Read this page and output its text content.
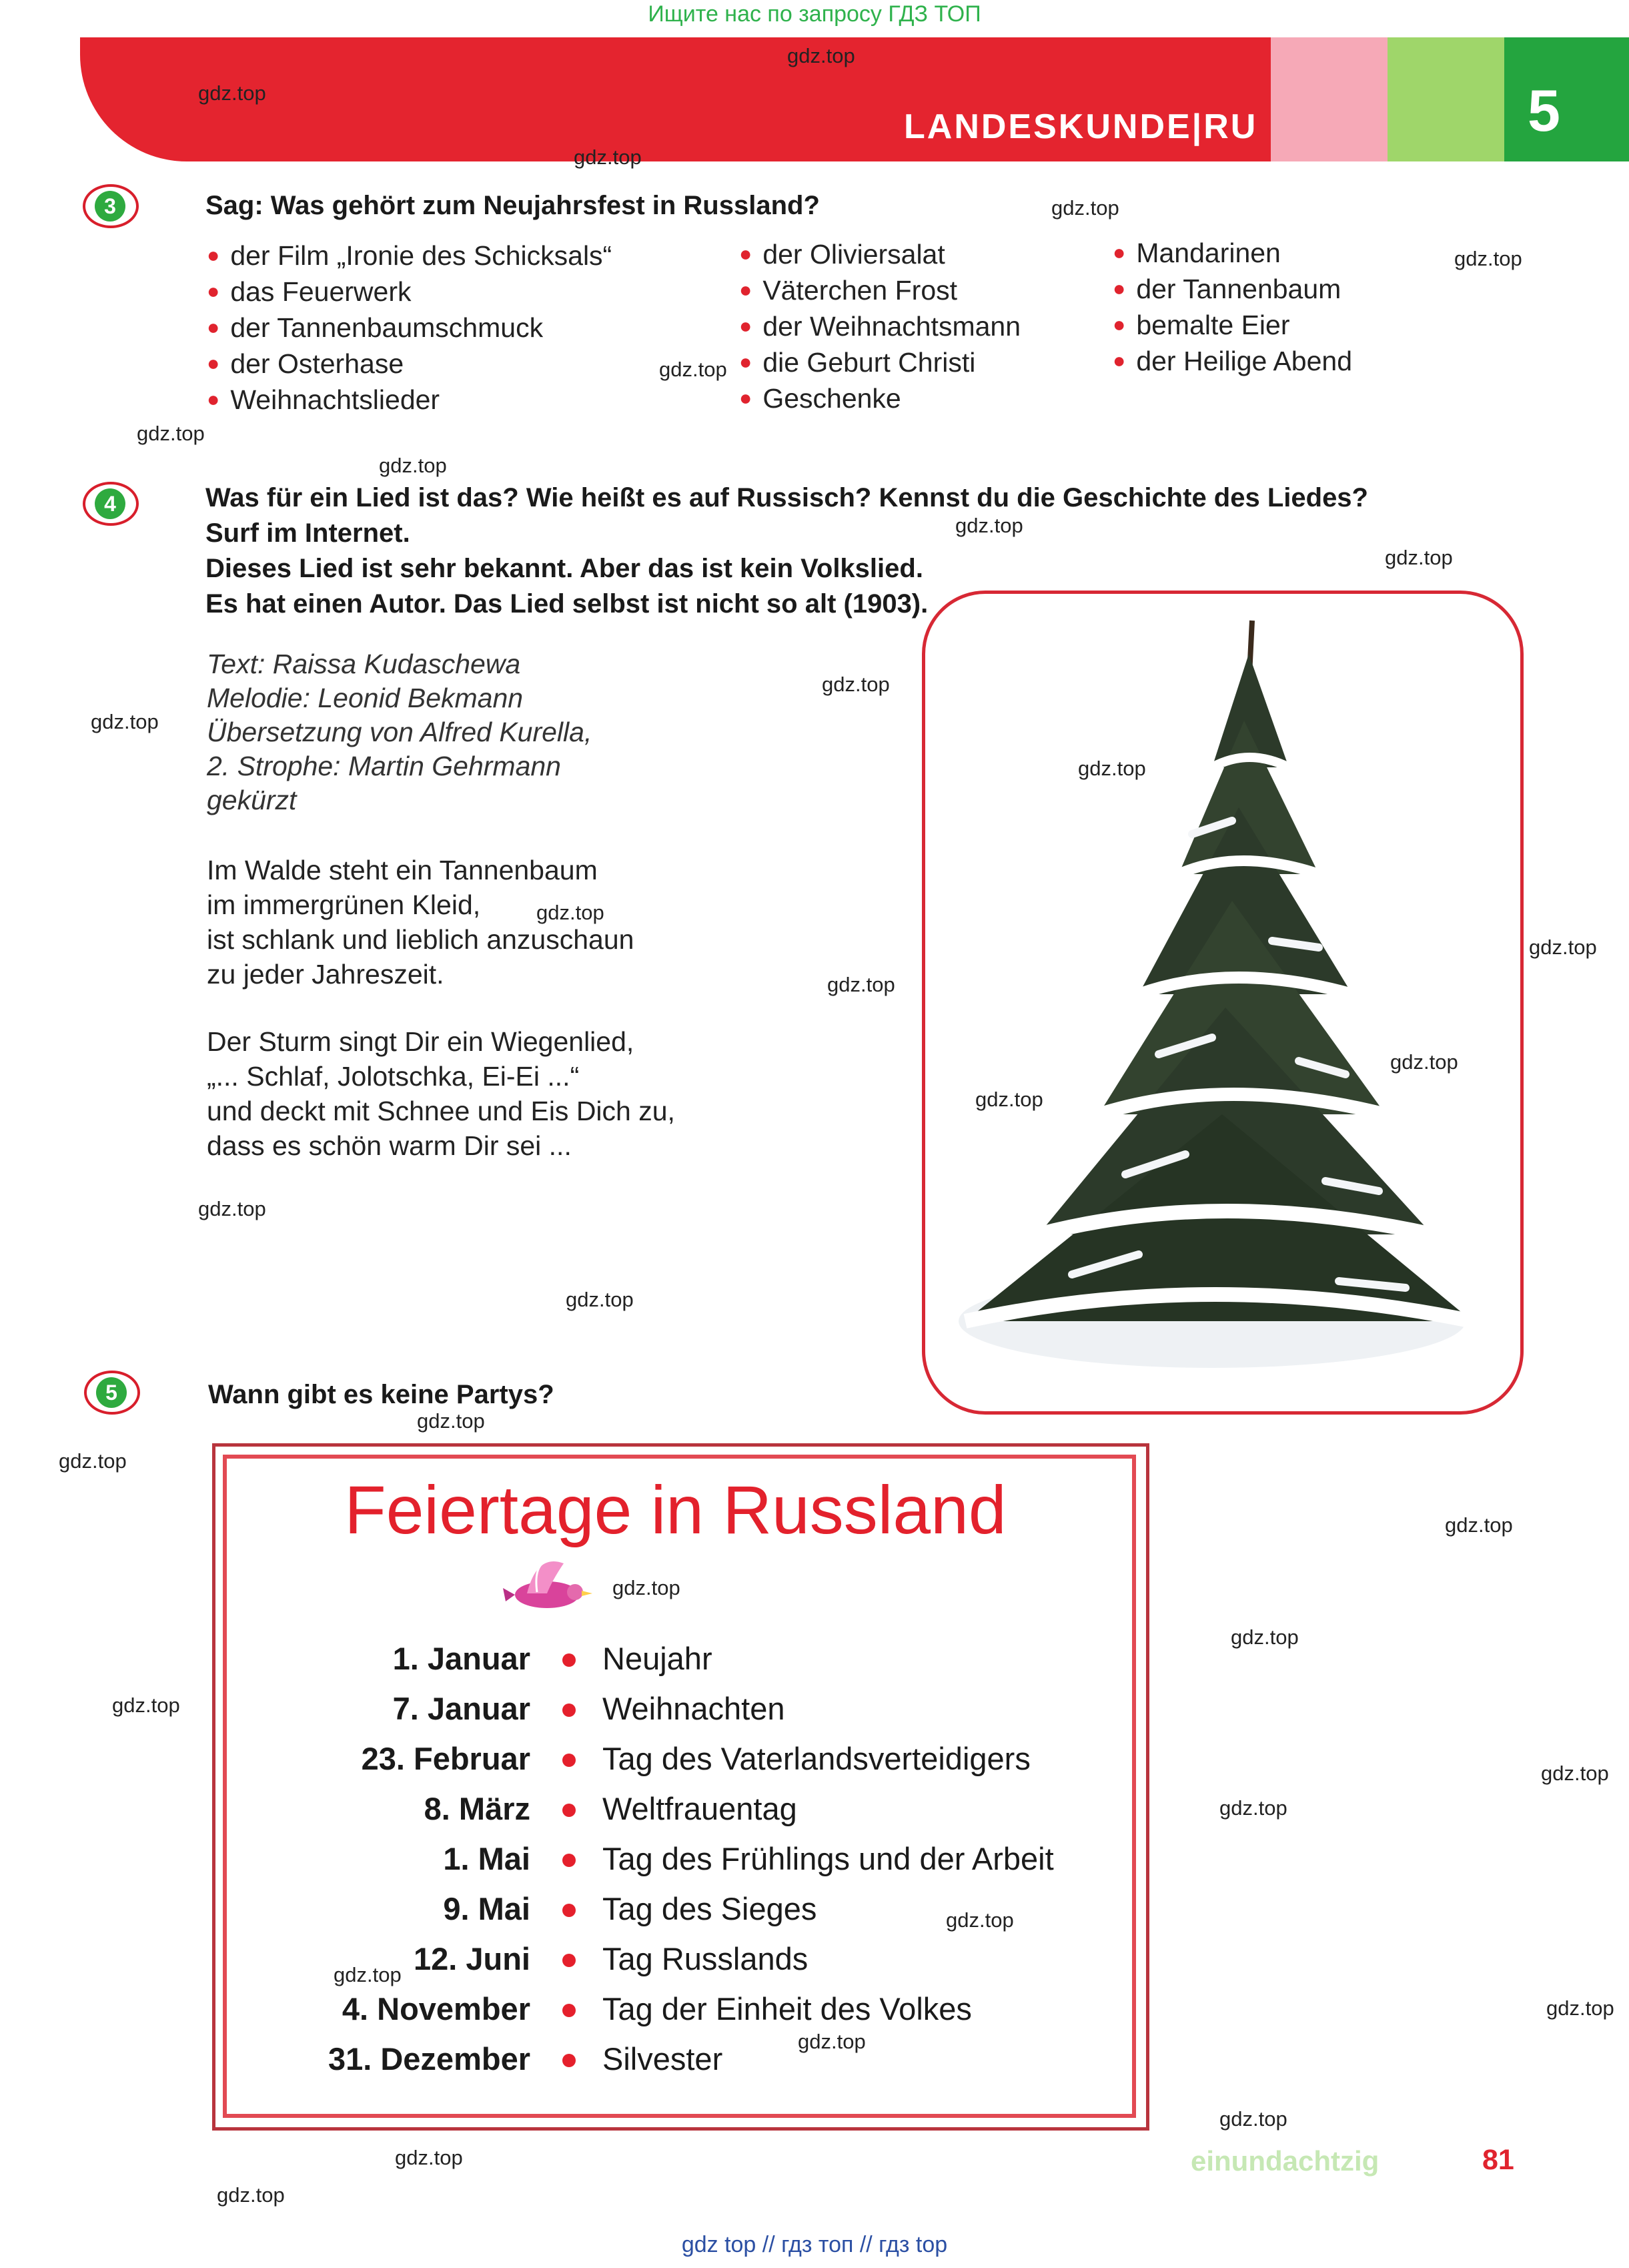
Ищите нас по запросу ГДЗ ТОП
LANDESKUNDE|RU	5
3	Sag: Was gehört zum Neujahrsfest in Russland?
● der Film „Ironie des Schicksals“
● das Feuerwerk
● der Tannenbaumschmuck
● der Osterhase
● Weihnachtslieder
● der Oliviersalat
● Väterchen Frost
● der Weihnachtsmann
● die Geburt Christi
● Geschenke
● Mandarinen
● der Tannenbaum
● bemalte Eier
● der Heilige Abend
4	Was für ein Lied ist das? Wie heißt es auf Russisch? Kennst du die Geschichte des Liedes?
Surf im Internet.
Dieses Lied ist sehr bekannt. Aber das ist kein Volkslied.
Es hat einen Autor. Das Lied selbst ist nicht so alt (1903).
Text: Raissa Kudaschewa
Melodie: Leonid Bekmann
Übersetzung von Alfred Kurella,
2. Strophe: Martin Gehrmann
gekürzt
Im Walde steht ein Tannenbaum
im immergrünen Kleid,
ist schlank und lieblich anzuschaun
zu jeder Jahreszeit.
Der Sturm singt Dir ein Wiegenlied,
„... Schlaf, Jolotschka, Ei-Ei ...“
und deckt mit Schnee und Eis Dich zu,
dass es schön warm Dir sei ...
5	Wann gibt es keine Partys?
Feiertage in Russland
1. Januar Neujahr
7. Januar Weihnachten
23. Februar Tag des Vaterlandsverteidigers
8. März Weltfrauentag
1. Mai Tag des Frühlings und der Arbeit
9. Mai Tag des Sieges
12. Juni Tag Russlands
4. November Tag der Einheit des Volkes
31. Dezember Silvester
einundachtzig	81
gdz top // гдз топ // гдз top
gdz.top
gdz.top
gdz.top
gdz.top
gdz.top
gdz.top
gdz.top
gdz.top
gdz.top
gdz.top
gdz.top
gdz.top
gdz.top
gdz.top
gdz.top
gdz.top
gdz.top
gdz.top
gdz.top
gdz.top
gdz.top
gdz.top
gdz.top
gdz.top
gdz.top
gdz.top
gdz.top
gdz.top
gdz.top
gdz.top
gdz.top
gdz.top
gdz.top
gdz.top
gdz.top
